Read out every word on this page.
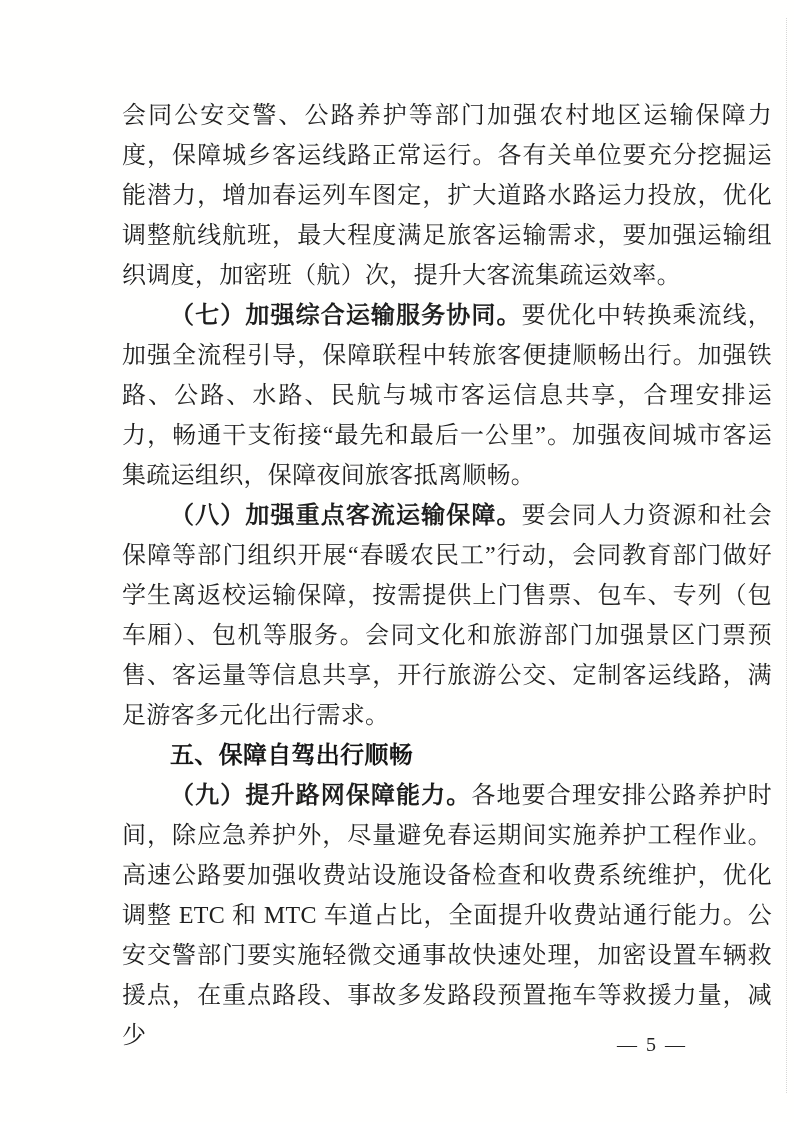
会同公安交警、公路养护等部门加强农村地区运输保障力度，保障城乡客运线路正常运行。各有关单位要充分挖掘运能潜力，增加春运列车图定，扩大道路水路运力投放，优化调整航线航班，最大程度满足旅客运输需求，要加强运输组织调度，加密班（航）次，提升大客流集疏运效率。

（七）加强综合运输服务协同。要优化中转换乘流线，加强全流程引导，保障联程中转旅客便捷顺畅出行。加强铁路、公路、水路、民航与城市客运信息共享，合理安排运力，畅通干支衔接“最先和最后一公里”。加强夜间城市客运集疏运组织，保障夜间旅客抵离顺畅。

（八）加强重点客流运输保障。要会同人力资源和社会保障等部门组织开展“春暖农民工”行动，会同教育部门做好学生离返校运输保障，按需提供上门售票、包车、专列（包车厢）、包机等服务。会同文化和旅游部门加强景区门票预售、客运量等信息共享，开行旅游公交、定制客运线路，满足游客多元化出行需求。

五、保障自驾出行顺畅

（九）提升路网保障能力。各地要合理安排公路养护时间，除应急养护外，尽量避免春运期间实施养护工程作业。高速公路要加强收费站设施设备检查和收费系统维护，优化调整 ETC 和 MTC 车道占比，全面提升收费站通行能力。公安交警部门要实施轻微交通事故快速处理，加密设置车辆救援点，在重点路段、事故多发路段预置拖车等救援力量，减少	— 5 —
